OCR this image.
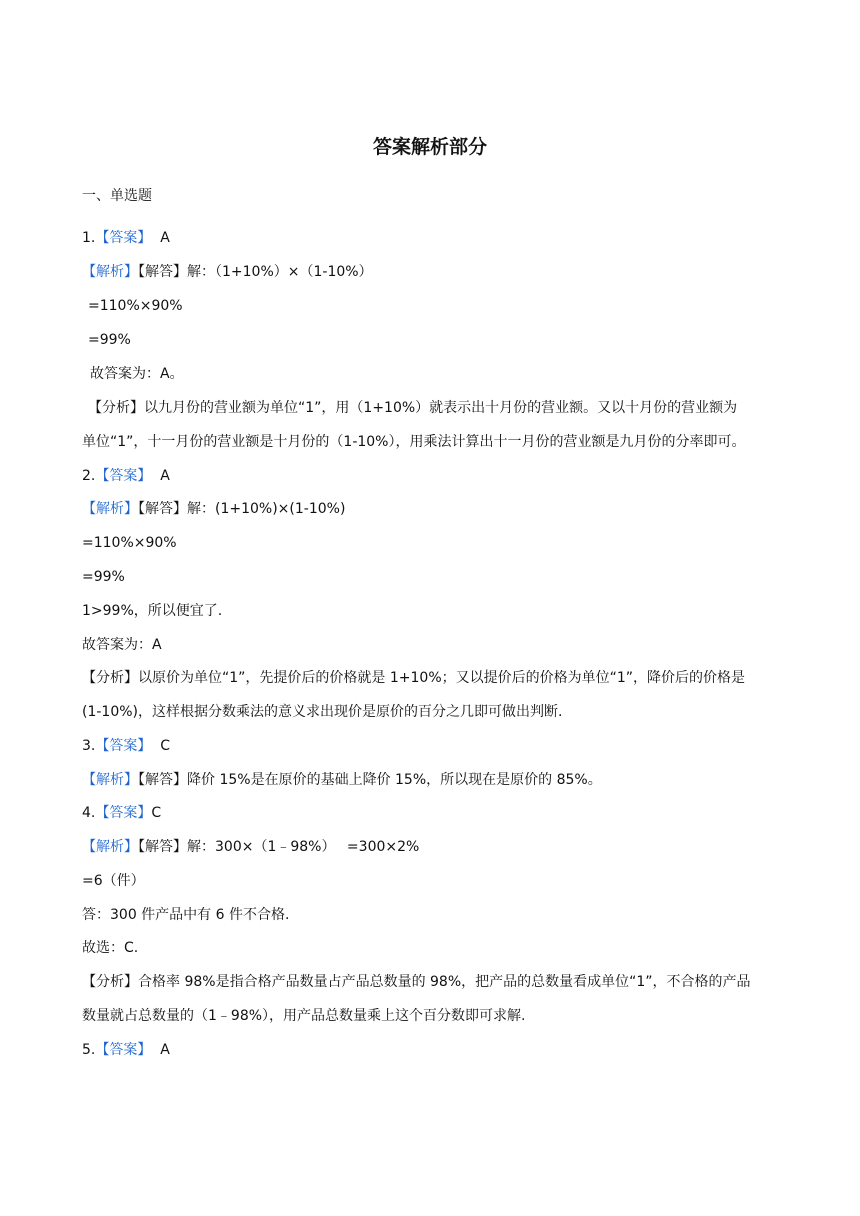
答案解析部分
一、单选题
1.【答案】 A
【解析】【解答】解：（1+10%）×（1-10%）
=110%×90%
=99%
故答案为：A。
【分析】以九月份的营业额为单位“1”，用（1+10%）就表示出十月份的营业额。又以十月份的营业额为
单位“1”，十一月份的营业额是十月份的（1-10%），用乘法计算出十一月份的营业额是九月份的分率即可。
2.【答案】 A
【解析】【解答】解：(1+10%)×(1-10%)
=110%×90%
=99%
1>99%，所以便宜了.
故答案为：A
【分析】以原价为单位“1”，先提价后的价格就是 1+10%；又以提价后的价格为单位“1”，降价后的价格是
(1-10%)，这样根据分数乘法的意义求出现价是原价的百分之几即可做出判断.
3.【答案】 C
【解析】【解答】降价 15%是在原价的基础上降价 15%，所以现在是原价的 85%。
4.【答案】C
【解析】【解答】解：300×（1﹣98%）　 =300×2%
=6（件）
答：300 件产品中有 6 件不合格.
故选：C.
【分析】合格率 98%是指合格产品数量占产品总数量的 98%，把产品的总数量看成单位“1”，不合格的产品
数量就占总数量的（1﹣98%），用产品总数量乘上这个百分数即可求解.
5.【答案】 A
